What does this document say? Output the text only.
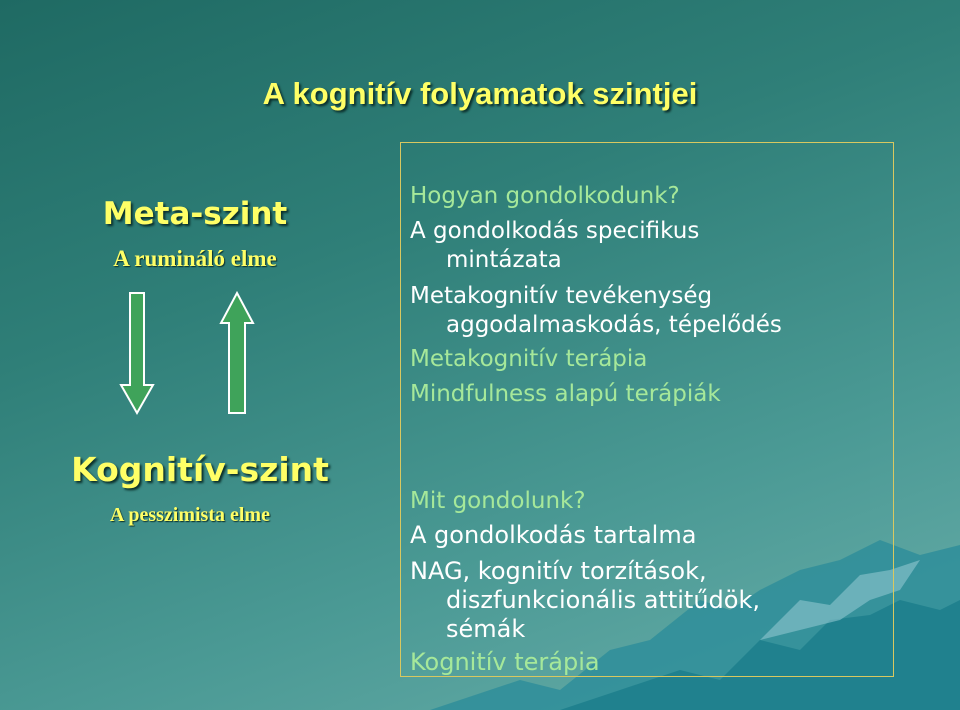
A kognitív folyamatok szintjei
Meta-szint
A rumináló elme
Kognitív-szint
A pesszimista elme
Hogyan gondolkodunk?
A gondolkodás specifikus
mintázata
Metakognitív tevékenység
aggodalmaskodás, tépelődés
Metakognitív terápia
Mindfulness alapú terápiák
Mit gondolunk?
A gondolkodás tartalma
NAG, kognitív torzítások,
diszfunkcionális attitűdök,
sémák
Kognitív terápia
